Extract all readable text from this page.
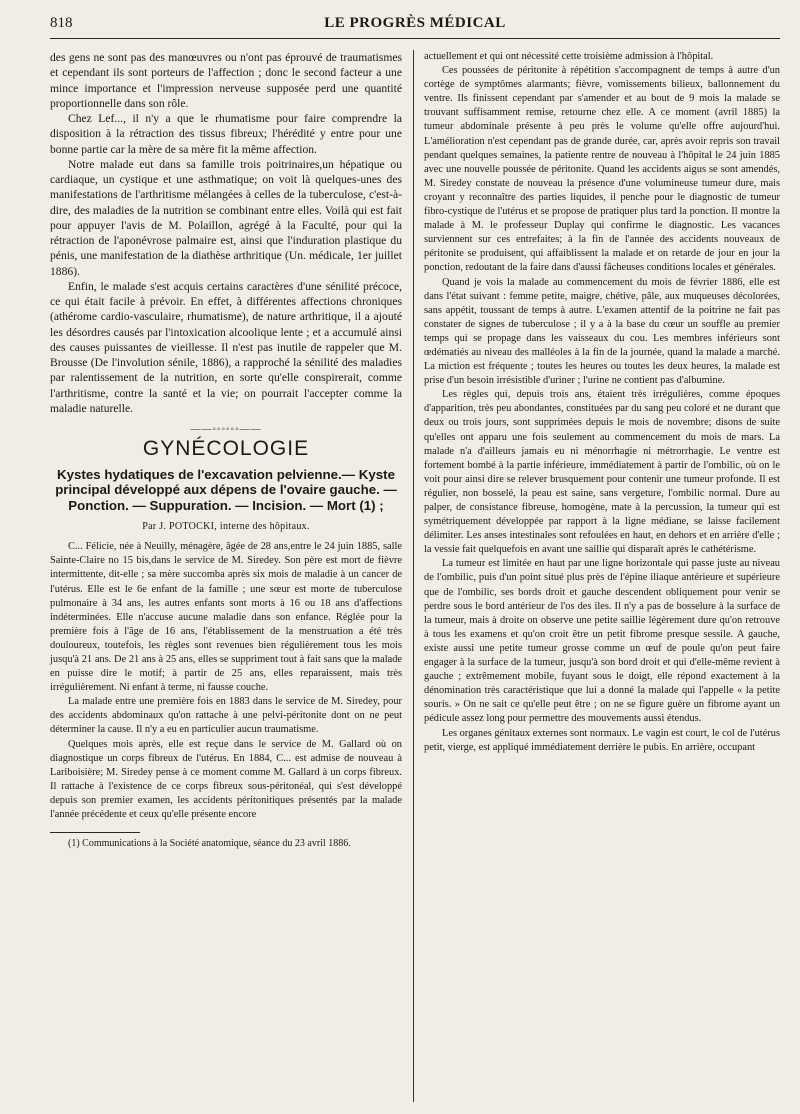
818	LE PROGRÈS MÉDICAL

des gens ne sont pas des manœuvres ou n'ont pas éprouvé de traumatismes et cependant ils sont porteurs de l'affection ; donc le second facteur a une mince importance et l'impression nerveuse supposée perd une quantité proportionnelle dans son rôle.

Chez Lef..., il n'y a que le rhumatisme pour faire comprendre la disposition à la rétraction des tissus fibreux; l'hérédité y entre pour une bonne partie car la mère de sa mère fit la même affection.

Notre malade eut dans sa famille trois poitrinaires,un hépatique ou cardiaque, un cystique et une asthmatique; on voit là quelques-unes des manifestations de l'arthritisme mélangées à celles de la tuberculose, c'est-à-dire, des maladies de la nutrition se combinant entre elles. Voilà qui est fait pour appuyer l'avis de M. Polaillon, agrégé à la Faculté, pour qui la rétraction de l'aponévrose palmaire est, ainsi que l'induration plastique du pénis, une manifestation de la diathèse arthritique (Un. médicale, 1er juillet 1886).

Enfin, le malade s'est acquis certains caractères d'une sénilité précoce, ce qui était facile à prévoir. En effet, à différentes affections chroniques (athérome cardio-vasculaire, rhumatisme), de nature arthritique, il a ajouté les désordres causés par l'intoxication alcoolique lente ; et a accumulé ainsi des causes puissantes de vieillesse. Il n'est pas inutile de rappeler que M. Brousse (De l'involution sénile, 1886), a rapproché la sénilité des maladies par ralentissement de la nutrition, en sorte qu'elle conspirerait, comme l'arthritisme, contre la santé et la vie; on pourrait l'accepter comme la maladie naturelle.

——◦◦◦◦◦◦——
GYNÉCOLOGIE
Kystes hydatiques de l'excavation pelvienne.— Kyste principal développé aux dépens de l'ovaire gauche. — Ponction. — Suppuration. — Incision. — Mort (1) ;
Par J. POTOCKI, interne des hôpitaux.

C... Félicie, née à Neuilly, ménagère, âgée de 28 ans,entre le 24 juin 1885, salle Sainte-Claire no 15 bis,dans le service de M. Siredey. Son père est mort de fièvre intermittente, dit-elle ; sa mère succomba après six mois de maladie à un cancer de l'utérus. Elle est le 6e enfant de la famille ; une sœur est morte de tuberculose pulmonaire à 34 ans, les autres enfants sont morts à 16 ou 18 ans d'affections indéterminées. Elle n'accuse aucune maladie dans son enfance. Réglée pour la première fois à l'âge de 16 ans, l'établissement de la menstruation a été très douloureux, toutefois, les règles sont revenues bien régulièrement tous les mois jusqu'à 21 ans. De 21 ans à 25 ans, elles se suppriment tout à fait sans que la malade en puisse dire le motif; à partir de 25 ans, elles reparaissent, mais très irrégulièrement. Ni enfant à terme, ni fausse couche.

La malade entre une première fois en 1883 dans le service de M. Siredey, pour des accidents abdominaux qu'on rattache à une pelvi-péritonite dont on ne peut déterminer la cause. Il n'y a eu en particulier aucun traumatisme.

Quelques mois après, elle est reçue dans le service de M. Gallard où on diagnostique un corps fibreux de l'utérus. En 1884, C... est admise de nouveau à Lariboisière; M. Siredey pense à ce moment comme M. Gallard à un corps fibreux. Il rattache à l'existence de ce corps fibreux sous-péritonéal, qui s'est développé depuis son premier examen, les accidents péritonitiques présentés par la malade l'année précédente et ceux qu'elle présente encore

(1) Communications à la Société anatomique, séance du 23 avril 1886.

actuellement et qui ont nécessité cette troisième admission à l'hôpital.

Ces poussées de péritonite à répétition s'accompagnent de temps à autre d'un cortège de symptômes alarmants; fièvre, vomissements bilieux, ballonnement du ventre. Ils finissent cependant par s'amender et au bout de 9 mois la malade se trouvant suffisamment remise, retourne chez elle. A ce moment (avril 1885) la tumeur abdominale présente à peu près le volume qu'elle offre aujourd'hui. L'amélioration n'est cependant pas de grande durée, car, après avoir repris son travail pendant quelques semaines, la patiente rentre de nouveau à l'hôpital le 24 juin 1885 avec une nouvelle poussée de péritonite. Quand les accidents aigus se sont amendés, M. Siredey constate de nouveau la présence d'une volumineuse tumeur dure, mais croyant y reconnaître des parties liquides, il penche pour le diagnostic de tumeur fibro-cystique de l'utérus et se propose de pratiquer plus tard la ponction. Il montre la malade à M. le professeur Duplay qui confirme le diagnostic. Les vacances surviennent sur ces entrefaites; à la fin de l'année des accidents nouveaux de péritonite se produisent, qui affaiblissent la malade et on retarde de jour en jour la ponction, redoutant de la faire dans d'aussi fâcheuses conditions locales et générales.

Quand je vois la malade au commencement du mois de février 1886, elle est dans l'état suivant : femme petite, maigre, chétive, pâle, aux muqueuses décolorées, sans appétit, toussant de temps à autre. L'examen attentif de la poitrine ne fait pas constater de signes de tuberculose ; il y a à la base du cœur un souffle au premier temps qui se propage dans les vaisseaux du cou. Les membres inférieurs sont œdématiés au niveau des malléoles à la fin de la journée, quand la malade a marché. La miction est fréquente ; toutes les heures ou toutes les deux heures, la malade est prise d'un besoin irrésistible d'uriner ; l'urine ne contient pas d'albumine.

Les règles qui, depuis trois ans, étaient très irrégulières, comme époques d'apparition, très peu abondantes, constituées par du sang peu coloré et ne durant que deux ou trois jours, sont supprimées depuis le mois de novembre; disons de suite qu'elles ont apparu une fois seulement au commencement du mois de mars. La malade n'a d'ailleurs jamais eu ni ménorrhagie ni métrorrhagie. Le ventre est fortement bombé à la partie inférieure, immédiatement à partir de l'ombilic, où on le voit pour ainsi dire se relever brusquement pour contenir une tumeur profonde. Il est régulier, non bosselé, la peau est saine, sans vergeture, l'ombilic normal. Dure au palper, de consistance fibreuse, homogène, mate à la percussion, la tumeur qui est symétriquement développée par rapport à la ligne médiane, se laisse facilement délimiter. Les anses intestinales sont refoulées en haut, en dehors et en arrière d'elle ; la vessie fait quelquefois en avant une saillie qui disparaît après le cathétérisme.

La tumeur est limitée en haut par une ligne horizontale qui passe juste au niveau de l'ombilic, puis d'un point situé plus près de l'épine iliaque antérieure et supérieure que de l'ombilic, ses bords droit et gauche descendent obliquement pour venir se perdre sous le bord antérieur de l'os des iles. Il n'y a pas de bosselure à la surface de la tumeur, mais à droite on observe une petite saillie légèrement dure qu'on retrouve à tous les examens et qu'on croit être un petit fibrome presque sessile. A gauche, existe aussi une petite tumeur grosse comme un œuf de poule qu'on peut faire engager à la surface de la tumeur, jusqu'à son bord droit et qui d'elle-même revient à gauche ; extrêmement mobile, fuyant sous le doigt, elle répond exactement à la dénomination très caractéristique que lui a donné la malade qui l'appelle « la petite souris. » On ne sait ce qu'elle peut être ; on ne se figure guère un fibrome ayant un pédicule assez long pour permettre des mouvements aussi étendus.

Les organes génitaux externes sont normaux. Le vagin est court, le col de l'utérus petit, vierge, est appliqué immédiatement derrière le pubis. En arrière, occupant
